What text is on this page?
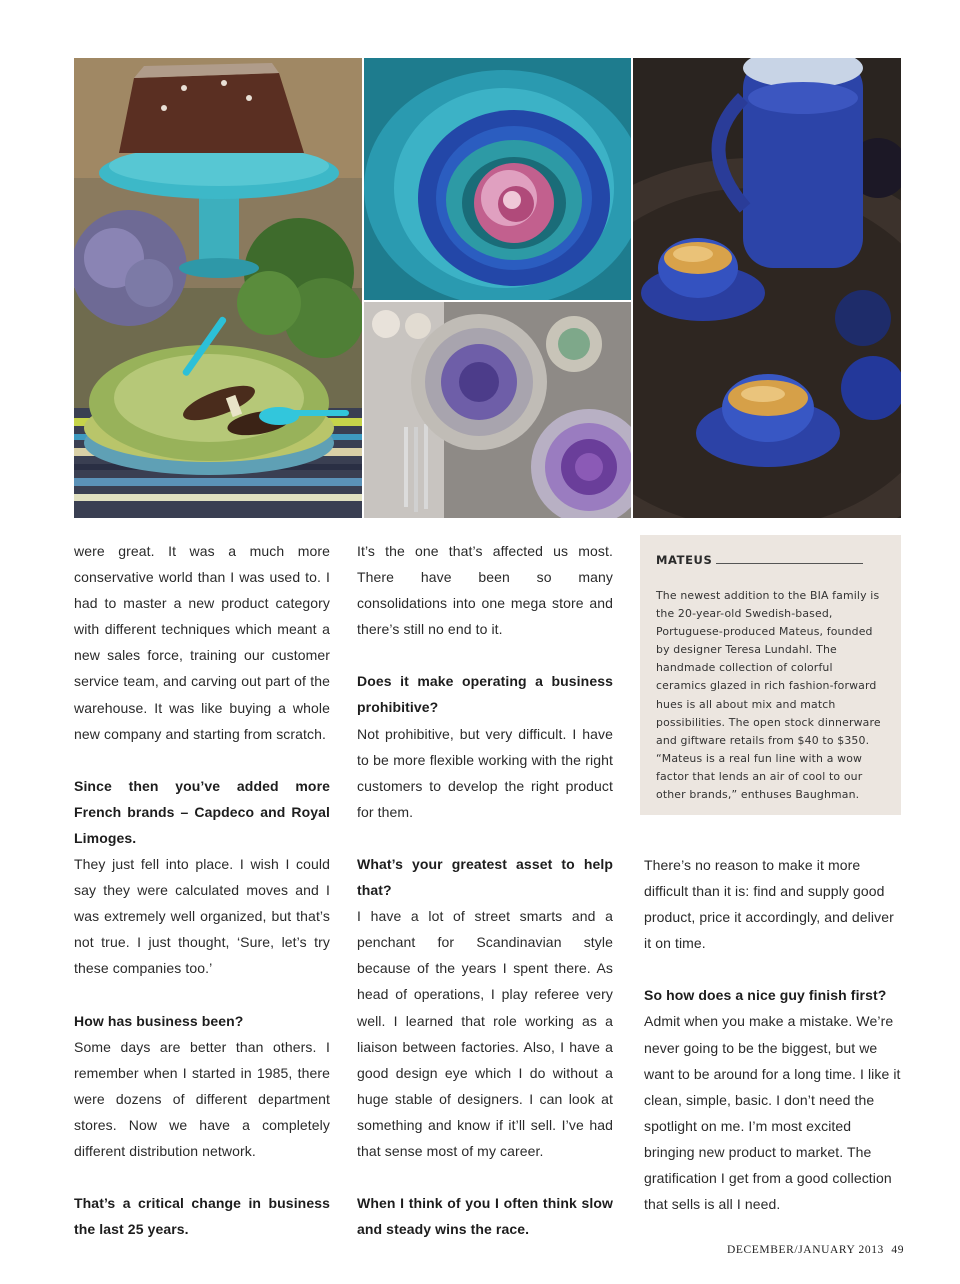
were great. It was a much more conservative world than I was used to. I had to master a new product category with different techniques which meant a new sales force, training our customer service team, and carving out part of the warehouse. It was like buying a whole new company and starting from scratch.

Since then you’ve added more French brands – Capdeco and Royal Limoges.
They just fell into place. I wish I could say they were calculated moves and I was extremely well organized, but that’s not true. I just thought, ‘Sure, let’s try these companies too.’

How has business been?
Some days are better than others. I remember when I started in 1985, there were dozens of different department stores. Now we have a completely different distribution network.

That’s a critical change in business the last 25 years.

It’s the one that’s affected us most. There have been so many consolidations into one mega store and there’s still no end to it.

Does it make operating a business prohibitive?
Not prohibitive, but very difficult. I have to be more flexible working with the right customers to develop the right product for them.

What’s your greatest asset to help that?
I have a lot of street smarts and a penchant for Scandinavian style because of the years I spent there. As head of operations, I play referee very well. I learned that role working as a liaison between factories. Also, I have a good design eye which I do without a huge stable of designers. I can look at something and know if it’ll sell. I’ve had that sense most of my career.

When I think of you I often think slow and steady wins the race.

MATEUS
The newest addition to the BIA family is the 20-year-old Swedish-based, Portuguese-produced Mateus, founded by designer Teresa Lundahl. The handmade collection of colorful ceramics glazed in rich fashion-forward hues is all about mix and match possibilities. The open stock dinnerware and giftware retails from $40 to $350. “Mateus is a real fun line with a wow factor that lends an air of cool to our other brands,” enthuses Baughman.

There’s no reason to make it more difficult than it is: find and supply good product, price it accordingly, and deliver it on time.

So how does a nice guy finish first?
Admit when you make a mistake. We’re never going to be the biggest, but we want to be around for a long time. I like it clean, simple, basic. I don’t need the spotlight on me. I’m most excited bringing new product to market. The gratification I get from a good collection that sells is all I need.

DECEMBER/JANUARY 2013 49
